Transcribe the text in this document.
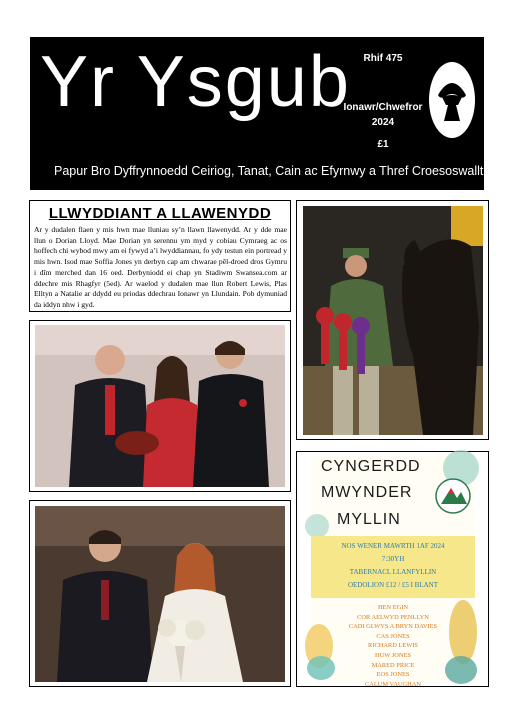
Yr Ysgub	Rhif 475
Ionawr/Chwefror
2024
£1
Papur Bro Dyffrynnoedd Ceiriog, Tanat, Cain ac Efyrnwy a Thref Croesoswallt
LLWYDDIANT A LLAWENYDD
Ar y dudalen flaen y mis hwn mae lluniau sy’n llawn llawenydd. Ar y dde mae llun o Dorian Lloyd. Mae Dorian yn serennu ym myd y cobiau Cymraeg ac os hoffech chi wybod mwy am ei fywyd a’i lwyddiannau, fo ydy testun ein portread y mis hwn. Isod mae Soffia Jones yn derbyn cap am chwarae pêl-droed dros Gymru i dîm merched dan 16 oed. Derbyniodd ei chap yn Stadiwm Swansea.com ar ddechre mis Rhagfyr (5ed). Ar waelod y dudalen mae llun Robert Lewis, Plas Elltyn a Natalie ar ddydd eu priodas ddechrau Ionawr yn Llundain. Pob dymuniad da iddyn nhw i gyd.
CYNGERDD
MWYNDER
MYLLIN
NOS WENER MAWRTH 1AF 2024
7:30YH
TABERNACL LLANFYLLIN
OEDOLION £12 / £5 I BLANT
HEN EGIN
COR AELWYD PENLLYN
CADI GLWYS A BRYN DAVIES
CAS JONES
RICHARD LEWIS
HUW JONES
MARED PRICE
EOS JONES
CALUM VAUGHAN
